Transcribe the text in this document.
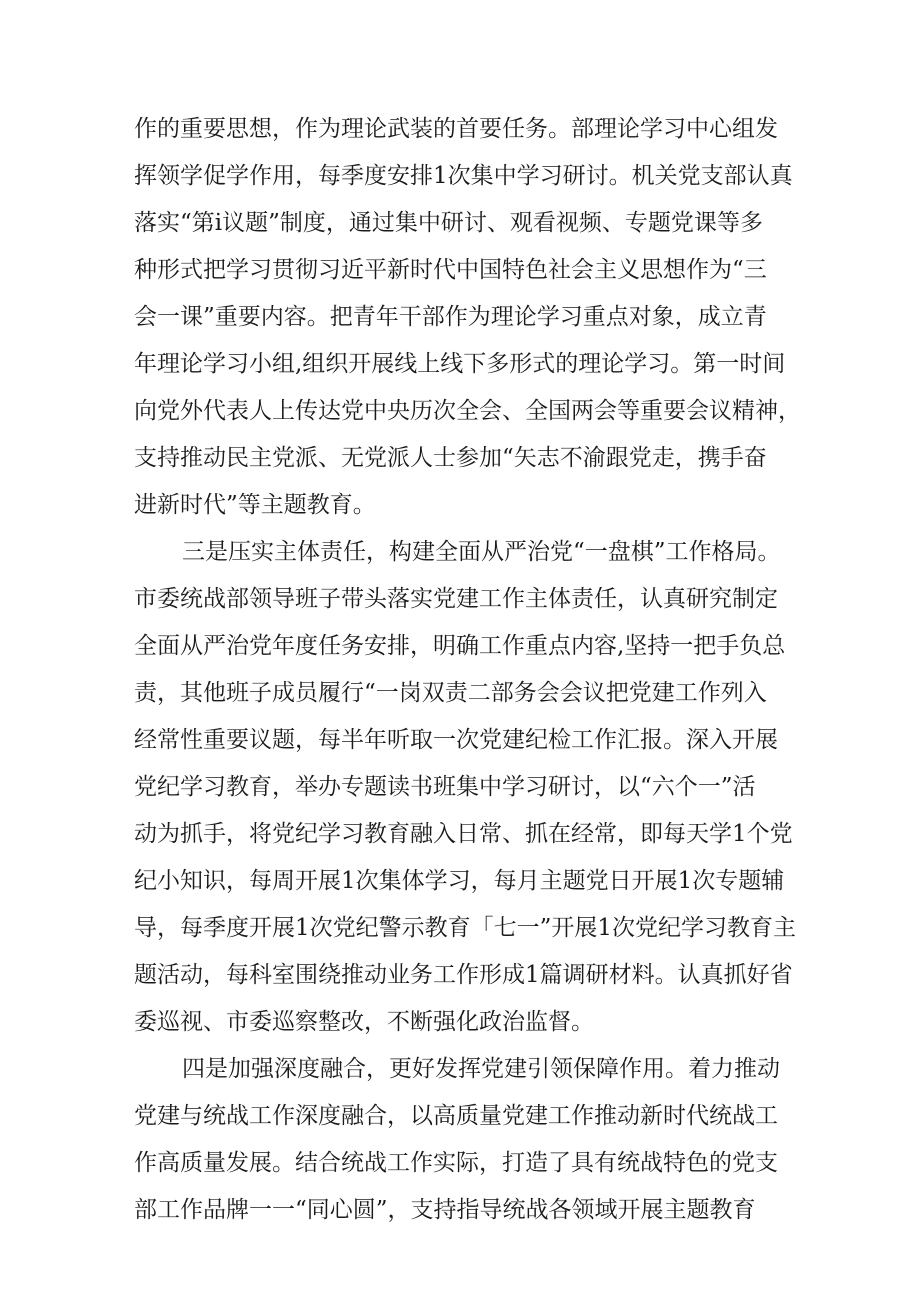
作的重要思想，作为理论武装的首要任务。部理论学习中心组发
挥领学促学作用，每季度安排1次集中学习研讨。机关党支部认真
落实“第i议题”制度，通过集中研讨、观看视频、专题党课等多
种形式把学习贯彻习近平新时代中国特色社会主义思想作为“三
会一课”重要内容。把青年干部作为理论学习重点对象，成立青
年理论学习小组,组织开展线上线下多形式的理论学习。第一时间
向党外代表人上传达党中央历次全会、全国两会等重要会议精神，
支持推动民主党派、无党派人士参加“矢志不渝跟党走，携手奋
进新时代”等主题教育。
三是压实主体责任，构建全面从严治党“一盘棋”工作格局。
市委统战部领导班子带头落实党建工作主体责任，认真研究制定
全面从严治党年度任务安排，明确工作重点内容,坚持一把手负总
责，其他班子成员履行“一岗双责二部务会会议把党建工作列入
经常性重要议题，每半年听取一次党建纪检工作汇报。深入开展
党纪学习教育，举办专题读书班集中学习研讨，以“六个一”活
动为抓手，将党纪学习教育融入日常、抓在经常，即每天学1个党
纪小知识，每周开展1次集体学习，每月主题党日开展1次专题辅
导，每季度开展1次党纪警示教育「七一”开展1次党纪学习教育主
题活动，每科室围绕推动业务工作形成1篇调研材料。认真抓好省
委巡视、市委巡察整改，不断强化政治监督。
四是加强深度融合，更好发挥党建引领保障作用。着力推动
党建与统战工作深度融合，以高质量党建工作推动新时代统战工
作高质量发展。结合统战工作实际，打造了具有统战特色的党支
部工作品牌一一“同心圆”，支持指导统战各领域开展主题教育
